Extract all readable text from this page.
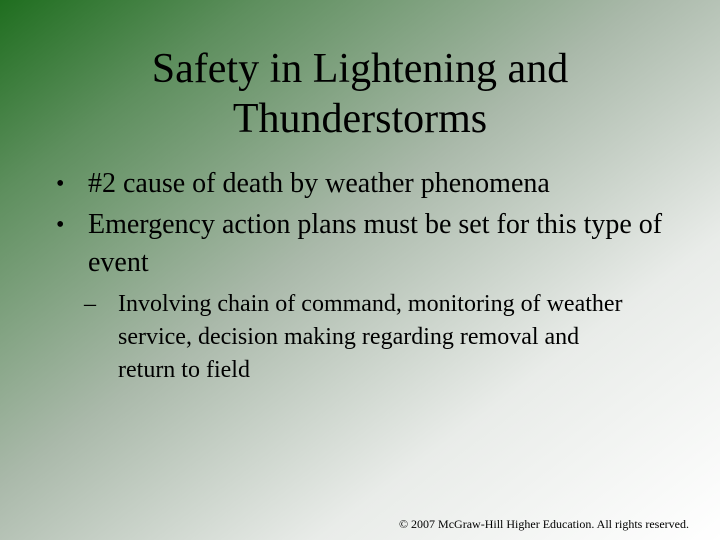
Safety in Lightening and
Thunderstorms
• #2 cause of death by weather phenomena
• Emergency action plans must be set for this type of event
– Involving chain of command, monitoring of weather service, decision making regarding removal and return to field
© 2007 McGraw-Hill Higher Education. All rights reserved.
